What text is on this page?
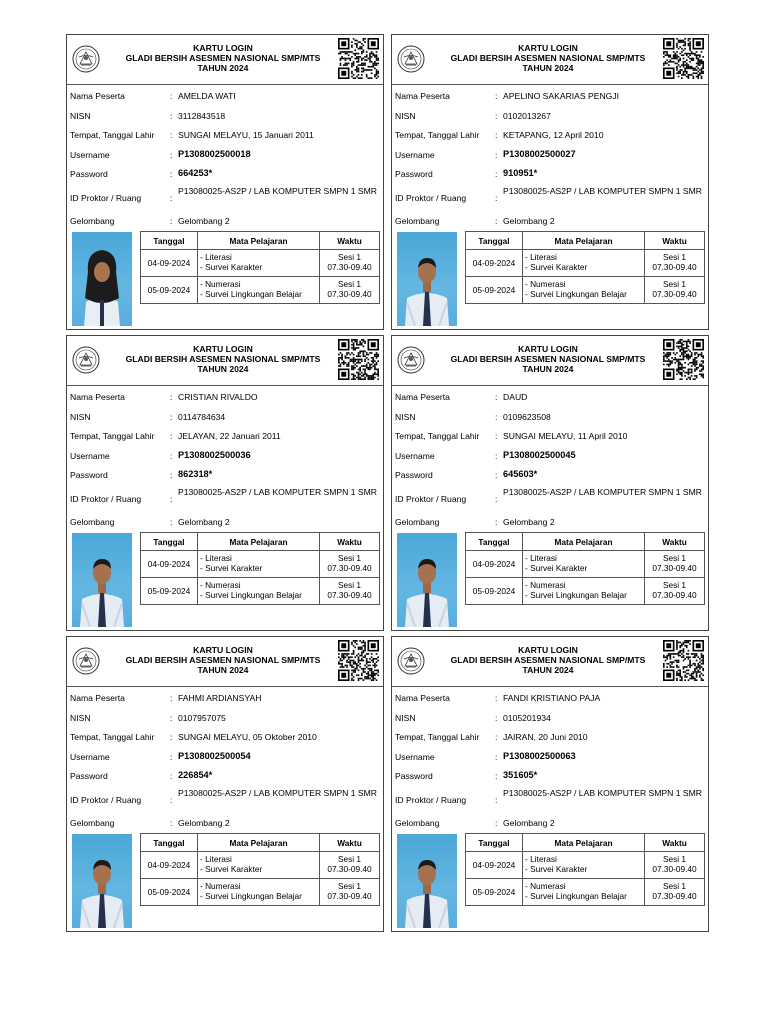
KARTU LOGIN
GLADI BERSIH ASESMEN NASIONAL SMP/MTS
TAHUN 2024
Nama Peserta	: AMELDA WATI
NISN	: 3112843518
Tempat, Tanggal Lahir : SUNGAI MELAYU, 15 Januari 2011
Username	: P1308002500018
Password	: 664253*
ID Proktor / Ruang	:
P13080025-AS2P / LAB KOMPUTER SMPN 1 SMR
Gelombang	: Gelombang 2
Tanggal	Mata Pelajaran	Waktu
04-09-2024	- Literasi
- Survei Karakter	Sesi 1
07.30-09.40

05-09-2024	- Numerasi
- Survei Lingkungan Belajar	Sesi 1
07.30-09.40
KARTU LOGIN
GLADI BERSIH ASESMEN NASIONAL SMP/MTS
TAHUN 2024
Nama Peserta	: APELINO SAKARIAS PENGJI
NISN	: 0102013267
Tempat, Tanggal Lahir : KETAPANG, 12 April 2010
Username	: P1308002500027
Password	: 910951*
ID Proktor / Ruang	:
P13080025-AS2P / LAB KOMPUTER SMPN 1 SMR
Gelombang	: Gelombang 2
Tanggal	Mata Pelajaran	Waktu
04-09-2024	- Literasi
- Survei Karakter	Sesi 1
07.30-09.40

05-09-2024	- Numerasi
- Survei Lingkungan Belajar	Sesi 1
07.30-09.40
KARTU LOGIN
GLADI BERSIH ASESMEN NASIONAL SMP/MTS
TAHUN 2024
Nama Peserta	: CRISTIAN RIVALDO
NISN	: 0114784634
Tempat, Tanggal Lahir : JELAYAN, 22 Januari 2011
Username	: P1308002500036
Password	: 862318*
ID Proktor / Ruang	:
P13080025-AS2P / LAB KOMPUTER SMPN 1 SMR
Gelombang	: Gelombang 2
Tanggal	Mata Pelajaran	Waktu
04-09-2024	- Literasi
- Survei Karakter	Sesi 1
07.30-09.40

05-09-2024	- Numerasi
- Survei Lingkungan Belajar	Sesi 1
07.30-09.40
KARTU LOGIN
GLADI BERSIH ASESMEN NASIONAL SMP/MTS
TAHUN 2024
Nama Peserta	: DAUD
NISN	: 0109623508
Tempat, Tanggal Lahir : SUNGAI MELAYU, 11 April 2010
Username	: P1308002500045
Password	: 645603*
ID Proktor / Ruang	:
P13080025-AS2P / LAB KOMPUTER SMPN 1 SMR
Gelombang	: Gelombang 2
Tanggal	Mata Pelajaran	Waktu
04-09-2024	- Literasi
- Survei Karakter	Sesi 1
07.30-09.40

05-09-2024	- Numerasi
- Survei Lingkungan Belajar	Sesi 1
07.30-09.40
KARTU LOGIN
GLADI BERSIH ASESMEN NASIONAL SMP/MTS
TAHUN 2024
Nama Peserta	: FAHMI ARDIANSYAH
NISN	: 0107957075
Tempat, Tanggal Lahir : SUNGAI MELAYU, 05 Oktober 2010
Username	: P1308002500054
Password	: 226854*
ID Proktor / Ruang	:
P13080025-AS2P / LAB KOMPUTER SMPN 1 SMR
Gelombang	: Gelombang 2
Tanggal	Mata Pelajaran	Waktu
04-09-2024	- Literasi
- Survei Karakter	Sesi 1
07.30-09.40

05-09-2024	- Numerasi
- Survei Lingkungan Belajar	Sesi 1
07.30-09.40
KARTU LOGIN
GLADI BERSIH ASESMEN NASIONAL SMP/MTS
TAHUN 2024
Nama Peserta	: FANDI KRISTIANO PAJA
NISN	: 0105201934
Tempat, Tanggal Lahir : JAIRAN, 20 Juni 2010
Username	: P1308002500063
Password	: 351605*
ID Proktor / Ruang	:
P13080025-AS2P / LAB KOMPUTER SMPN 1 SMR
Gelombang	: Gelombang 2
Tanggal	Mata Pelajaran	Waktu
04-09-2024	- Literasi
- Survei Karakter	Sesi 1
07.30-09.40

05-09-2024	- Numerasi
- Survei Lingkungan Belajar	Sesi 1
07.30-09.40
